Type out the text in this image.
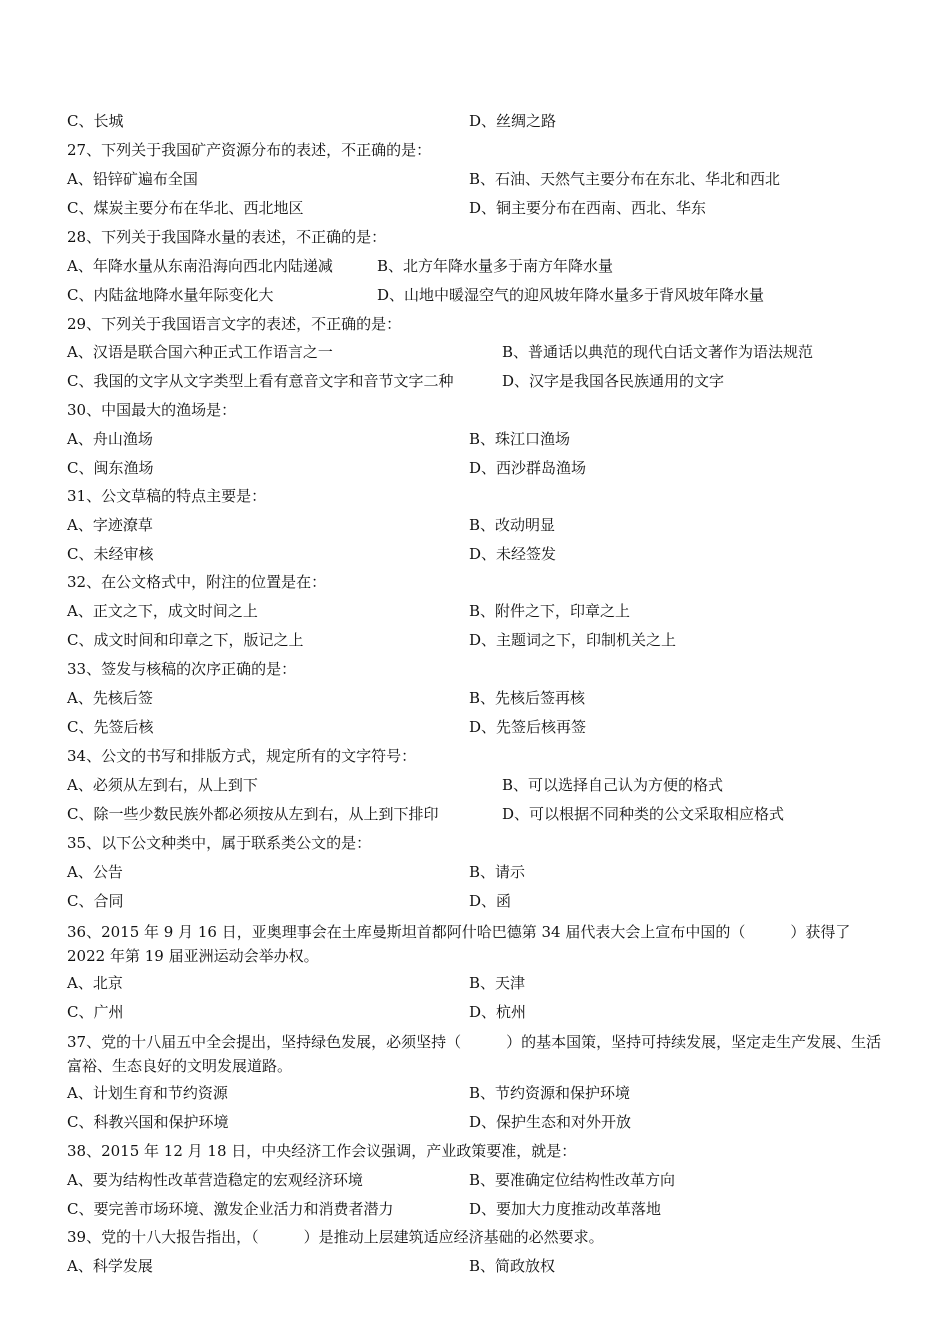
C、长城	D、丝绸之路
27、下列关于我国矿产资源分布的表述，不正确的是：
A、铅锌矿遍布全国	B、石油、天然气主要分布在东北、华北和西北
C、煤炭主要分布在华北、西北地区	D、铜主要分布在西南、西北、华东
28、下列关于我国降水量的表述，不正确的是：
A、年降水量从东南沿海向西北内陆递减	B、北方年降水量多于南方年降水量
C、内陆盆地降水量年际变化大	D、山地中暖湿空气的迎风坡年降水量多于背风坡年降水量
29、下列关于我国语言文字的表述，不正确的是：
A、汉语是联合国六种正式工作语言之一	B、普通话以典范的现代白话文著作为语法规范
C、我国的文字从文字类型上看有意音文字和音节文字二种	D、汉字是我国各民族通用的文字
30、中国最大的渔场是：
A、舟山渔场	B、珠江口渔场
C、闽东渔场	D、西沙群岛渔场
31、公文草稿的特点主要是：
A、字迹潦草	B、改动明显
C、未经审核	D、未经签发
32、在公文格式中，附注的位置是在：
A、正文之下，成文时间之上	B、附件之下，印章之上
C、成文时间和印章之下，版记之上	D、主题词之下，印制机关之上
33、签发与核稿的次序正确的是：
A、先核后签	B、先核后签再核
C、先签后核	D、先签后核再签
34、公文的书写和排版方式，规定所有的文字符号：
A、必须从左到右，从上到下	B、可以选择自己认为方便的格式
C、除一些少数民族外都必须按从左到右，从上到下排印	D、可以根据不同种类的公文采取相应格式
35、以下公文种类中，属于联系类公文的是：
A、公告	B、请示
C、合同	D、函
36、2015 年 9 月 16 日，亚奥理事会在土库曼斯坦首都阿什哈巴德第 34 届代表大会上宣布中国的（　　　）获得了 2022 年第 19 届亚洲运动会举办权。
A、北京	B、天津
C、广州	D、杭州
37、党的十八届五中全会提出，坚持绿色发展，必须坚持（　　　）的基本国策，坚持可持续发展，坚定走生产发展、生活富裕、生态良好的文明发展道路。
A、计划生育和节约资源	B、节约资源和保护环境
C、科教兴国和保护环境	D、保护生态和对外开放
38、2015 年 12 月 18 日，中央经济工作会议强调，产业政策要准，就是：
A、要为结构性改革营造稳定的宏观经济环境	B、要准确定位结构性改革方向
C、要完善市场环境、激发企业活力和消费者潜力	D、要加大力度推动改革落地
39、党的十八大报告指出，（　　　）是推动上层建筑适应经济基础的必然要求。
A、科学发展	B、简政放权
